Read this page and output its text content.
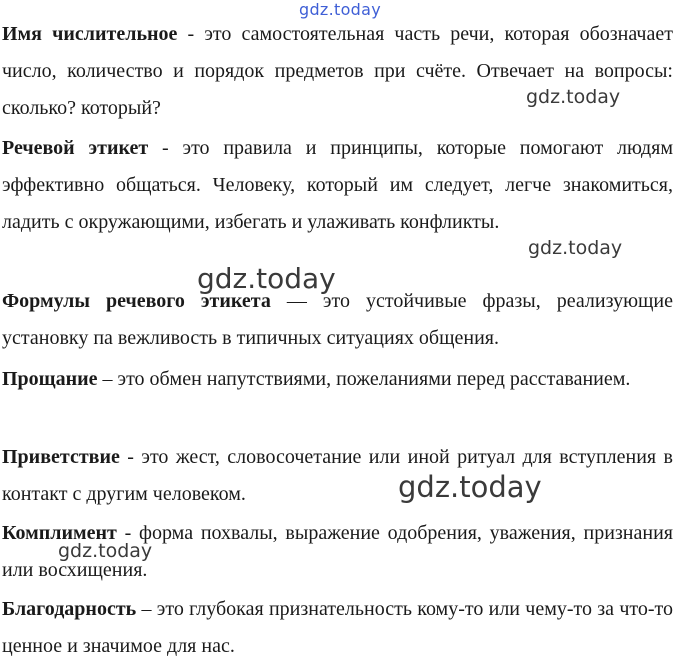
gdz.today

Имя числительное - это самостоятельная часть речи, которая обозначает число, количество и порядок предметов при счёте. Отвечает на вопросы: сколько? который?

Речевой этикет - это правила и принципы, которые помогают людям эффективно общаться. Человеку, который им следует, легче знакомиться, ладить с окружающими, избегать и улаживать конфликты.

Формулы речевого этикета — это устойчивые фразы, реализующие установку па вежливость в типичных ситуациях общения.

Прощание – это обмен напутствиями, пожеланиями перед расставанием.

Приветствие - это жест, словосочетание или иной ритуал для вступления в контакт с другим человеком.

Комплимент - форма похвалы, выражение одобрения, уважения, признания или восхищения.

Благодарность – это глубокая признательность кому-то или чему-то за что-то ценное и значимое для нас.

gdz.today
gdz.today
gdz.today
gdz.today
gdz.today
